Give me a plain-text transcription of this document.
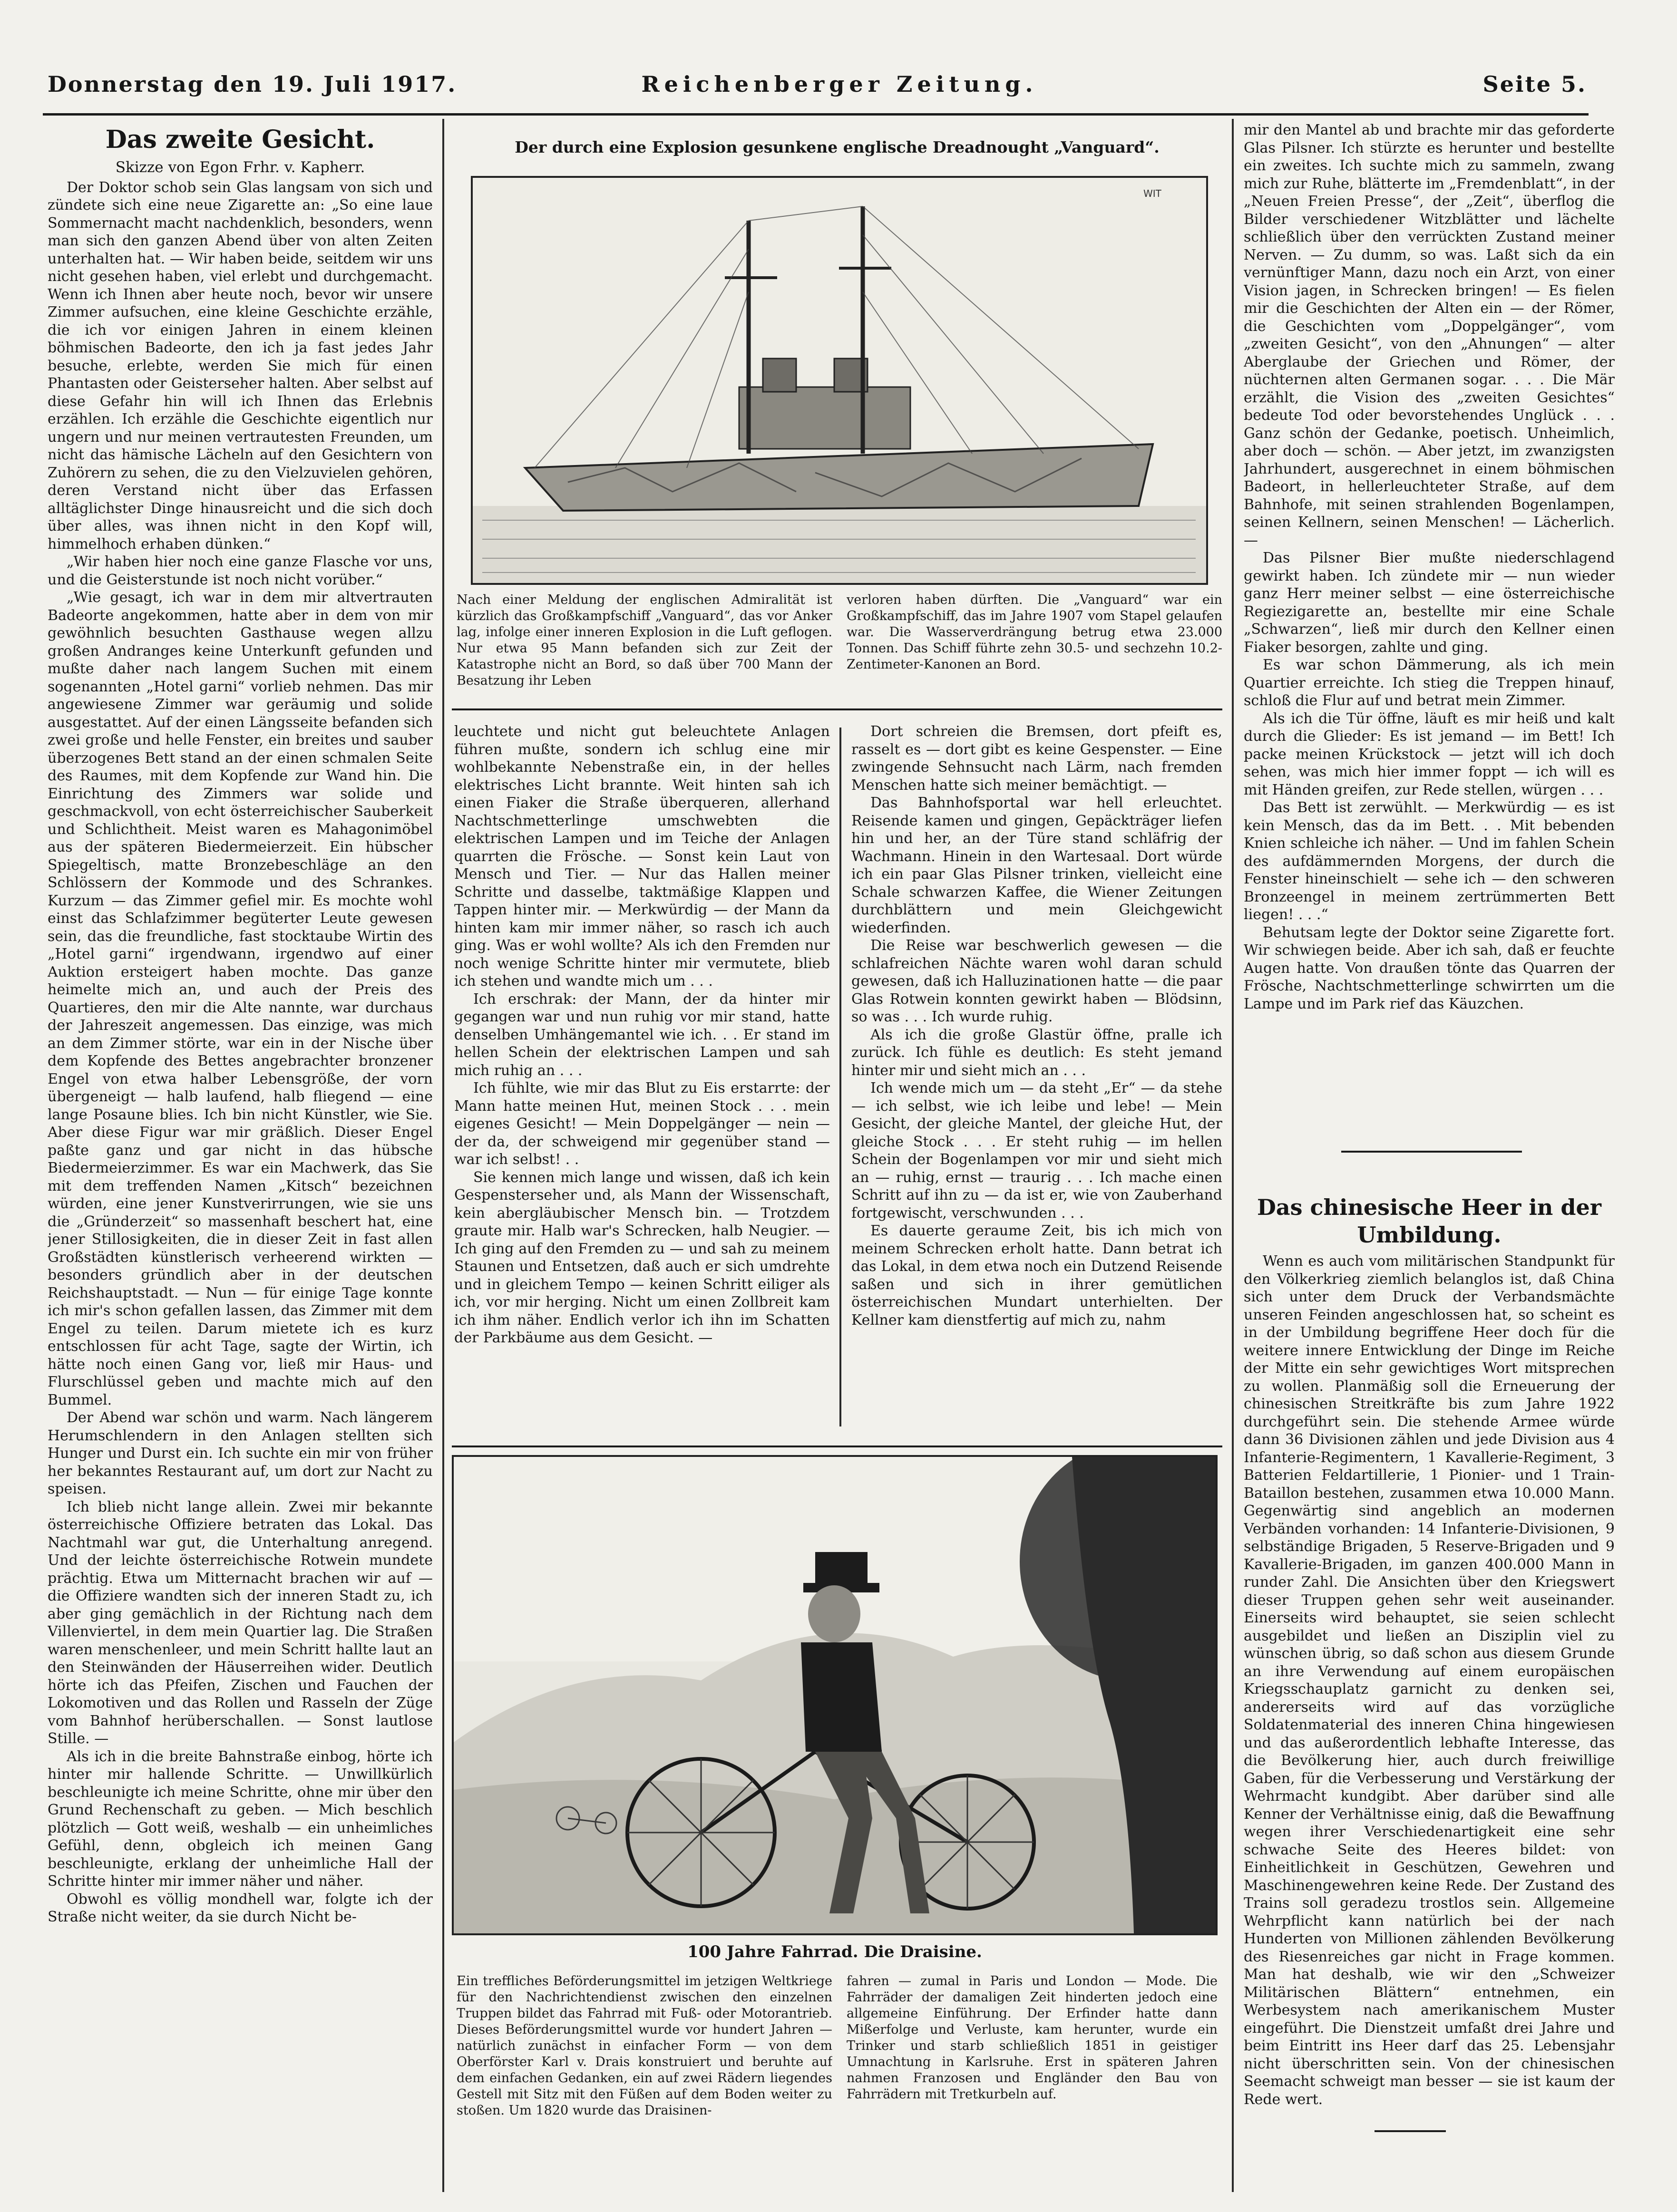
Donnerstag den 19. Juli 1917.	Reichenberger Zeitung.	Seite 5.
Das zweite Gesicht.
Skizze von Egon Frhr. v. Kapherr.

Der Doktor schob sein Glas langsam von sich und zündete sich eine neue Zigarette an: „So eine laue Sommernacht macht nachdenklich, besonders, wenn man sich den ganzen Abend über von alten Zeiten unterhalten hat. — Wir haben beide, seitdem wir uns nicht gesehen haben, viel erlebt und durchgemacht. Wenn ich Ihnen aber heute noch, bevor wir unsere Zimmer aufsuchen, eine kleine Geschichte erzähle, die ich vor einigen Jahren in einem kleinen böhmischen Badeorte, den ich ja fast jedes Jahr besuche, erlebte, werden Sie mich für einen Phantasten oder Geisterseher halten. Aber selbst auf diese Gefahr hin will ich Ihnen das Erlebnis erzählen. Ich erzähle die Geschichte eigentlich nur ungern und nur meinen vertrautesten Freunden, um nicht das hämische Lächeln auf den Gesichtern von Zuhörern zu sehen, die zu den Vielzuvielen gehören, deren Verstand nicht über das Erfassen alltäglichster Dinge hinausreicht und die sich doch über alles, was ihnen nicht in den Kopf will, himmelhoch erhaben dünken.“

„Wir haben hier noch eine ganze Flasche vor uns, und die Geisterstunde ist noch nicht vorüber.“

„Wie gesagt, ich war in dem mir altvertrauten Badeorte angekommen, hatte aber in dem von mir gewöhnlich besuchten Gasthause wegen allzu großen Andranges keine Unterkunft gefunden und mußte daher nach langem Suchen mit einem sogenannten „Hotel garni“ vorlieb nehmen. Das mir angewiesene Zimmer war geräumig und solide ausgestattet. Auf der einen Längsseite befanden sich zwei große und helle Fenster, ein breites und sauber überzogenes Bett stand an der einen schmalen Seite des Raumes, mit dem Kopfende zur Wand hin. Die Einrichtung des Zimmers war solide und geschmackvoll, von echt österreichischer Sauberkeit und Schlichtheit. Meist waren es Mahagonimöbel aus der späteren Biedermeierzeit. Ein hübscher Spiegeltisch, matte Bronzebeschläge an den Schlössern der Kommode und des Schrankes. Kurzum — das Zimmer gefiel mir. Es mochte wohl einst das Schlafzimmer begüterter Leute gewesen sein, das die freundliche, fast stocktaube Wirtin des „Hotel garni“ irgendwann, irgendwo auf einer Auktion ersteigert haben mochte. Das ganze heimelte mich an, und auch der Preis des Quartieres, den mir die Alte nannte, war durchaus der Jahreszeit angemessen. Das einzige, was mich an dem Zimmer störte, war ein in der Nische über dem Kopfende des Bettes angebrachter bronzener Engel von etwa halber Lebensgröße, der vorn übergeneigt — halb laufend, halb fliegend — eine lange Posaune blies. Ich bin nicht Künstler, wie Sie. Aber diese Figur war mir gräßlich. Dieser Engel paßte ganz und gar nicht in das hübsche Biedermeierzimmer. Es war ein Machwerk, das Sie mit dem treffenden Namen „Kitsch“ bezeichnen würden, eine jener Kunstverirrungen, wie sie uns die „Gründerzeit“ so massenhaft beschert hat, eine jener Stillosigkeiten, die in dieser Zeit in fast allen Großstädten künstlerisch verheerend wirkten — besonders gründlich aber in der deutschen Reichshauptstadt. — Nun — für einige Tage konnte ich mir's schon gefallen lassen, das Zimmer mit dem Engel zu teilen. Darum mietete ich es kurz entschlossen für acht Tage, sagte der Wirtin, ich hätte noch einen Gang vor, ließ mir Haus- und Flurschlüssel geben und machte mich auf den Bummel.

Der Abend war schön und warm. Nach längerem Herumschlendern in den Anlagen stellten sich Hunger und Durst ein. Ich suchte ein mir von früher her bekanntes Restaurant auf, um dort zur Nacht zu speisen.

Ich blieb nicht lange allein. Zwei mir bekannte österreichische Offiziere betraten das Lokal. Das Nachtmahl war gut, die Unterhaltung anregend. Und der leichte österreichische Rotwein mundete prächtig. Etwa um Mitternacht brachen wir auf — die Offiziere wandten sich der inneren Stadt zu, ich aber ging gemächlich in der Richtung nach dem Villenviertel, in dem mein Quartier lag. Die Straßen waren menschenleer, und mein Schritt hallte laut an den Steinwänden der Häuserreihen wider. Deutlich hörte ich das Pfeifen, Zischen und Fauchen der Lokomotiven und das Rollen und Rasseln der Züge vom Bahnhof herüberschallen. — Sonst lautlose Stille. —

Als ich in die breite Bahnstraße einbog, hörte ich hinter mir hallende Schritte. — Unwillkürlich beschleunigte ich meine Schritte, ohne mir über den Grund Rechenschaft zu geben. — Mich beschlich plötzlich — Gott weiß, weshalb — ein unheimliches Gefühl, denn, obgleich ich meinen Gang beschleunigte, erklang der unheimliche Hall der Schritte hinter mir immer näher und näher.

Obwohl es völlig mondhell war, folgte ich der Straße nicht weiter, da sie durch Nicht be-

Der durch eine Explosion gesunkene englische Dreadnought „Vanguard“.
WIT
Nach einer Meldung der englischen Admiralität ist kürzlich das Großkampfschiff „Vanguard“, das vor Anker lag, infolge einer inneren Explosion in die Luft geflogen. Nur etwa 95 Mann befanden sich zur Zeit der Katastrophe nicht an Bord, so daß über 700 Mann der Besatzung ihr Leben
verloren haben dürften. Die „Vanguard“ war ein Großkampfschiff, das im Jahre 1907 vom Stapel gelaufen war. Die Wasserverdrängung betrug etwa 23.000 Tonnen. Das Schiff führte zehn 30.5- und sechzehn 10.2-Zentimeter-Kanonen an Bord.

leuchtete und nicht gut beleuchtete Anlagen führen mußte, sondern ich schlug eine mir wohlbekannte Nebenstraße ein, in der helles elektrisches Licht brannte. Weit hinten sah ich einen Fiaker die Straße überqueren, allerhand Nachtschmetterlinge umschwebten die elektrischen Lampen und im Teiche der Anlagen quarrten die Frösche. — Sonst kein Laut von Mensch und Tier. — Nur das Hallen meiner Schritte und dasselbe, taktmäßige Klappen und Tappen hinter mir. — Merkwürdig — der Mann da hinten kam mir immer näher, so rasch ich auch ging. Was er wohl wollte? Als ich den Fremden nur noch wenige Schritte hinter mir vermutete, blieb ich stehen und wandte mich um . . .

Ich erschrak: der Mann, der da hinter mir gegangen war und nun ruhig vor mir stand, hatte denselben Umhängemantel wie ich. . . Er stand im hellen Schein der elektrischen Lampen und sah mich ruhig an . . .

Ich fühlte, wie mir das Blut zu Eis erstarrte: der Mann hatte meinen Hut, meinen Stock . . . mein eigenes Gesicht! — Mein Doppelgänger — nein — der da, der schweigend mir gegenüber stand — war ich selbst! . .

Sie kennen mich lange und wissen, daß ich kein Gespensterseher und, als Mann der Wissenschaft, kein abergläubischer Mensch bin. — Trotzdem graute mir. Halb war's Schrecken, halb Neugier. — Ich ging auf den Fremden zu — und sah zu meinem Staunen und Entsetzen, daß auch er sich umdrehte und in gleichem Tempo — keinen Schritt eiliger als ich, vor mir herging. Nicht um einen Zollbreit kam ich ihm näher. Endlich verlor ich ihn im Schatten der Parkbäume aus dem Gesicht. —

Dort schreien die Bremsen, dort pfeift es, rasselt es — dort gibt es keine Gespenster. — Eine zwingende Sehnsucht nach Lärm, nach fremden Menschen hatte sich meiner bemächtigt. —

Das Bahnhofsportal war hell erleuchtet. Reisende kamen und gingen, Gepäckträger liefen hin und her, an der Türe stand schläfrig der Wachmann. Hinein in den Wartesaal. Dort würde ich ein paar Glas Pilsner trinken, vielleicht eine Schale schwarzen Kaffee, die Wiener Zeitungen durchblättern und mein Gleichgewicht wiederfinden.

Die Reise war beschwerlich gewesen — die schlafreichen Nächte waren wohl daran schuld gewesen, daß ich Halluzinationen hatte — die paar Glas Rotwein konnten gewirkt haben — Blödsinn, so was . . . Ich wurde ruhig.

Als ich die große Glastür öffne, pralle ich zurück. Ich fühle es deutlich: Es steht jemand hinter mir und sieht mich an . . .

Ich wende mich um — da steht „Er“ — da stehe — ich selbst, wie ich leibe und lebe! — Mein Gesicht, der gleiche Mantel, der gleiche Hut, der gleiche Stock . . . Er steht ruhig — im hellen Schein der Bogenlampen vor mir und sieht mich an — ruhig, ernst — traurig . . . Ich mache einen Schritt auf ihn zu — da ist er, wie von Zauberhand fortgewischt, verschwunden . . .

Es dauerte geraume Zeit, bis ich mich von meinem Schrecken erholt hatte. Dann betrat ich das Lokal, in dem etwa noch ein Dutzend Reisende saßen und sich in ihrer gemütlichen österreichischen Mundart unterhielten. Der Kellner kam dienstfertig auf mich zu, nahm

100 Jahre Fahrrad. Die Draisine.
Ein treffliches Beförderungsmittel im jetzigen Weltkriege für den Nachrichtendienst zwischen den einzelnen Truppen bildet das Fahrrad mit Fuß- oder Motorantrieb. Dieses Beförderungsmittel wurde vor hundert Jahren — natürlich zunächst in einfacher Form — von dem Oberförster Karl v. Drais konstruiert und beruhte auf dem einfachen Gedanken, ein auf zwei Rädern liegendes Gestell mit Sitz mit den Füßen auf dem Boden weiter zu stoßen. Um 1820 wurde das Draisinen-
fahren — zumal in Paris und London — Mode. Die Fahrräder der damaligen Zeit hinderten jedoch eine allgemeine Einführung. Der Erfinder hatte dann Mißerfolge und Verluste, kam herunter, wurde ein Trinker und starb schließlich 1851 in geistiger Umnachtung in Karlsruhe. Erst in späteren Jahren nahmen Franzosen und Engländer den Bau von Fahrrädern mit Tretkurbeln auf.

mir den Mantel ab und brachte mir das geforderte Glas Pilsner. Ich stürzte es herunter und bestellte ein zweites. Ich suchte mich zu sammeln, zwang mich zur Ruhe, blätterte im „Fremdenblatt“, in der „Neuen Freien Presse“, der „Zeit“, überflog die Bilder verschiedener Witzblätter und lächelte schließlich über den verrückten Zustand meiner Nerven. — Zu dumm, so was. Laßt sich da ein vernünftiger Mann, dazu noch ein Arzt, von einer Vision jagen, in Schrecken bringen! — Es fielen mir die Geschichten der Alten ein — der Römer, die Geschichten vom „Doppelgänger“, vom „zweiten Gesicht“, von den „Ahnungen“ — alter Aberglaube der Griechen und Römer, der nüchternen alten Germanen sogar. . . . Die Mär erzählt, die Vision des „zweiten Gesichtes“ bedeute Tod oder bevorstehendes Unglück . . . Ganz schön der Gedanke, poetisch. Unheimlich, aber doch — schön. — Aber jetzt, im zwanzigsten Jahrhundert, ausgerechnet in einem böhmischen Badeort, in hellerleuchteter Straße, auf dem Bahnhofe, mit seinen strahlenden Bogenlampen, seinen Kellnern, seinen Menschen! — Lächerlich. —

Das Pilsner Bier mußte niederschlagend gewirkt haben. Ich zündete mir — nun wieder ganz Herr meiner selbst — eine österreichische Regiezigarette an, bestellte mir eine Schale „Schwarzen“, ließ mir durch den Kellner einen Fiaker besorgen, zahlte und ging.

Es war schon Dämmerung, als ich mein Quartier erreichte. Ich stieg die Treppen hinauf, schloß die Flur auf und betrat mein Zimmer.

Als ich die Tür öffne, läuft es mir heiß und kalt durch die Glieder: Es ist jemand — im Bett! Ich packe meinen Krückstock — jetzt will ich doch sehen, was mich hier immer foppt — ich will es mit Händen greifen, zur Rede stellen, würgen . . .

Das Bett ist zerwühlt. — Merkwürdig — es ist kein Mensch, das da im Bett. . . Mit bebenden Knien schleiche ich näher. — Und im fahlen Schein des aufdämmernden Morgens, der durch die Fenster hineinschielt — sehe ich — den schweren Bronzeengel in meinem zertrümmerten Bett liegen! . . .“

Behutsam legte der Doktor seine Zigarette fort. Wir schwiegen beide. Aber ich sah, daß er feuchte Augen hatte. Von draußen tönte das Quarren der Frösche, Nachtschmetterlinge schwirrten um die Lampe und im Park rief das Käuzchen.

Das chinesische Heer in der Umbildung.

Wenn es auch vom militärischen Standpunkt für den Völkerkrieg ziemlich belanglos ist, daß China sich unter dem Druck der Verbandsmächte unseren Feinden angeschlossen hat, so scheint es in der Umbildung begriffene Heer doch für die weitere innere Entwicklung der Dinge im Reiche der Mitte ein sehr gewichtiges Wort mitsprechen zu wollen. Planmäßig soll die Erneuerung der chinesischen Streitkräfte bis zum Jahre 1922 durchgeführt sein. Die stehende Armee würde dann 36 Divisionen zählen und jede Division aus 4 Infanterie-Regimentern, 1 Kavallerie-Regiment, 3 Batterien Feldartillerie, 1 Pionier- und 1 Train-Bataillon bestehen, zusammen etwa 10.000 Mann. Gegenwärtig sind angeblich an modernen Verbänden vorhanden: 14 Infanterie-Divisionen, 9 selbständige Brigaden, 5 Reserve-Brigaden und 9 Kavallerie-Brigaden, im ganzen 400.000 Mann in runder Zahl. Die Ansichten über den Kriegswert dieser Truppen gehen sehr weit auseinander. Einerseits wird behauptet, sie seien schlecht ausgebildet und ließen an Disziplin viel zu wünschen übrig, so daß schon aus diesem Grunde an ihre Verwendung auf einem europäischen Kriegsschauplatz garnicht zu denken sei, andererseits wird auf das vorzügliche Soldatenmaterial des inneren China hingewiesen und das außerordentlich lebhafte Interesse, das die Bevölkerung hier, auch durch freiwillige Gaben, für die Verbesserung und Verstärkung der Wehrmacht kundgibt. Aber darüber sind alle Kenner der Verhältnisse einig, daß die Bewaffnung wegen ihrer Verschiedenartigkeit eine sehr schwache Seite des Heeres bildet: von Einheitlichkeit in Geschützen, Gewehren und Maschinengewehren keine Rede. Der Zustand des Trains soll geradezu trostlos sein. Allgemeine Wehrpflicht kann natürlich bei der nach Hunderten von Millionen zählenden Bevölkerung des Riesenreiches gar nicht in Frage kommen. Man hat deshalb, wie wir den „Schweizer Militärischen Blättern“ entnehmen, ein Werbesystem nach amerikanischem Muster eingeführt. Die Dienstzeit umfaßt drei Jahre und beim Eintritt ins Heer darf das 25. Lebensjahr nicht überschritten sein. Von der chinesischen Seemacht schweigt man besser — sie ist kaum der Rede wert.
